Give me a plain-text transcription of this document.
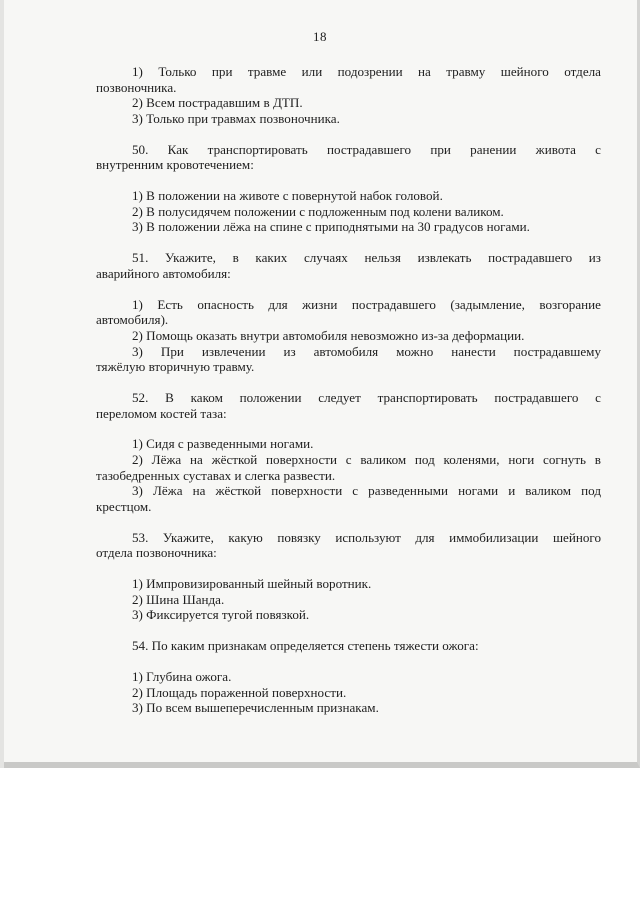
18
1) Только при травме или подозрении на травму шейного отдела
позвоночника.
2) Всем пострадавшим в ДТП.
3) Только при травмах позвоночника.
50. Как транспортировать пострадавшего при ранении живота с
внутренним кровотечением:
1) В положении на животе с повернутой набок головой.
2) В полусидячем положении с подложенным под колени валиком.
3) В положении лёжа на спине с приподнятыми на 30 градусов ногами.
51. Укажите, в каких случаях нельзя извлекать пострадавшего из
аварийного автомобиля:
1) Есть опасность для жизни пострадавшего (задымление, возгорание
автомобиля).
2) Помощь оказать внутри автомобиля невозможно из-за деформации.
3) При извлечении из автомобиля можно нанести пострадавшему
тяжёлую вторичную травму.
52. В каком положении следует транспортировать пострадавшего с
переломом костей таза:
1) Сидя с разведенными ногами.
2) Лёжа на жёсткой поверхности с валиком под коленями, ноги согнуть в
тазобедренных суставах и слегка развести.
3) Лёжа на жёсткой поверхности с разведенными ногами и валиком под
крестцом.
53. Укажите, какую повязку используют для иммобилизации шейного
отдела позвоночника:
1) Импровизированный шейный воротник.
2) Шина Шанда.
3) Фиксируется тугой повязкой.
54. По каким признакам определяется степень тяжести ожога:
1) Глубина ожога.
2) Площадь пораженной поверхности.
3) По всем вышеперечисленным признакам.
